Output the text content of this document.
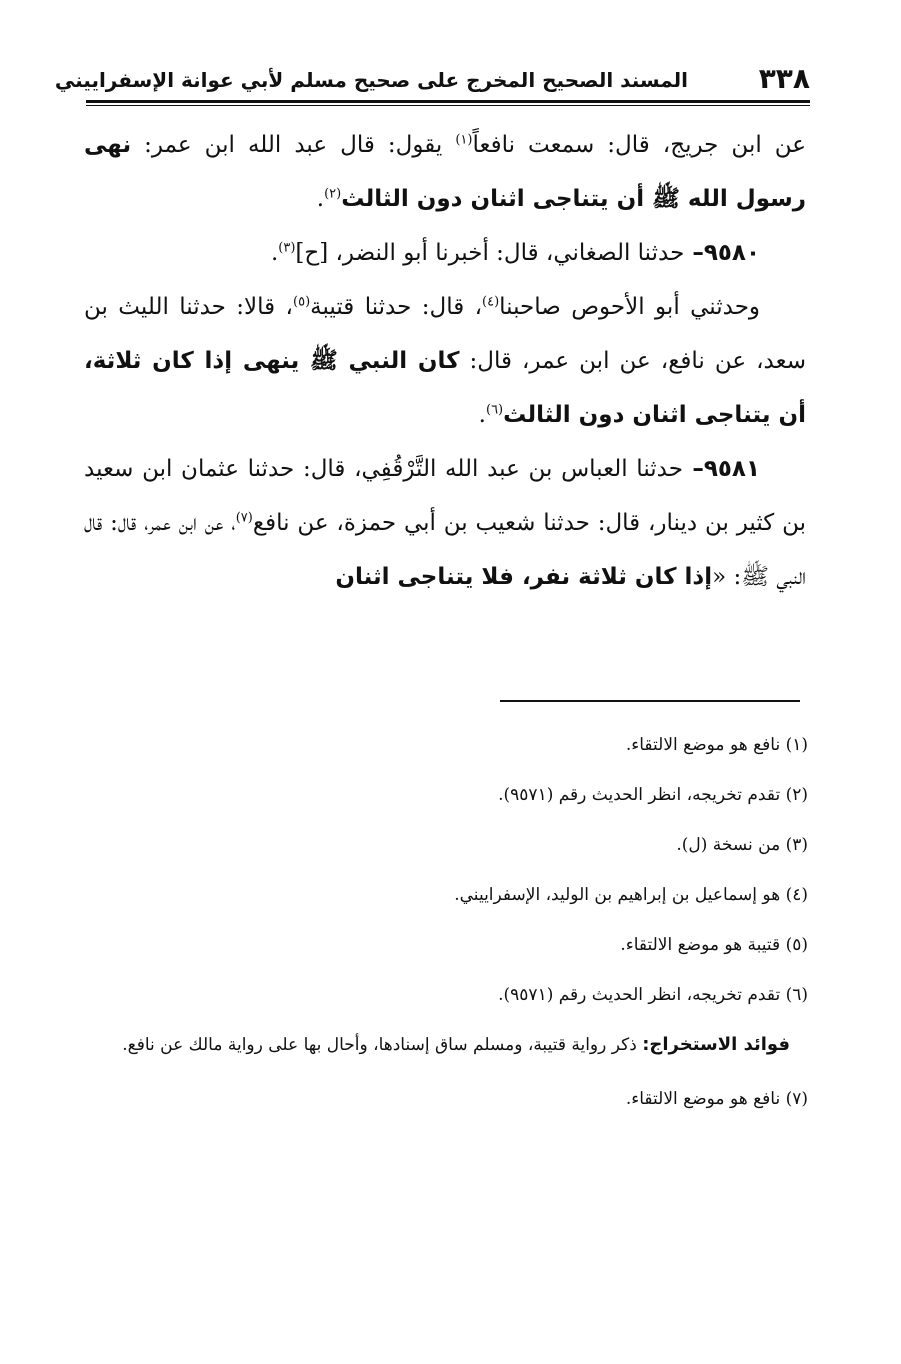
٣٣٨
المسند الصحيح المخرج على صحيح مسلم لأبي عوانة الإسفراييني

عن ابن جريج، قال: سمعت نافعاً$^{(١)}$ يقول: قال عبد الله ابن عمر: نهى رسول الله ﷺ أن يتناجى اثنان دون الثالث$^{(٢)}$.

٩٥٨٠– حدثنا الصغاني، قال: أخبرنا أبو النضر، [ح]$^{(٣)}$.

وحدثني أبو الأحوص صاحبنا$^{(٤)}$، قال: حدثنا قتيبة$^{(٥)}$، قالا: حدثنا الليث بن سعد، عن نافع، عن ابن عمر، قال: كان النبي ﷺ ينهى إذا كان ثلاثة، أن يتناجى اثنان دون الثالث$^{(٦)}$.

٩٥٨١– حدثنا العباس بن عبد الله التَّرْقُفِي، قال: حدثنا عثمان ابن سعيد بن كثير بن دينار، قال: حدثنا شعيب بن أبي حمزة، عن نافع$^{(٧)}$، عن ابن عمر، قال: قال النبي ﷺ: «إذا كان ثلاثة نفر، فلا يتناجى اثنان

(١) نافع هو موضع الالتقاء.

(٢) تقدم تخريجه، انظر الحديث رقم (٩٥٧١).

(٣) من نسخة (ل).

(٤) هو إسماعيل بن إبراهيم بن الوليد، الإسفراييني.

(٥) قتيبة هو موضع الالتقاء.

(٦) تقدم تخريجه، انظر الحديث رقم (٩٥٧١).

فوائد الاستخراج: ذكر رواية قتيبة، ومسلم ساق إسنادها، وأحال بها على رواية مالك عن نافع.

(٧) نافع هو موضع الالتقاء.
